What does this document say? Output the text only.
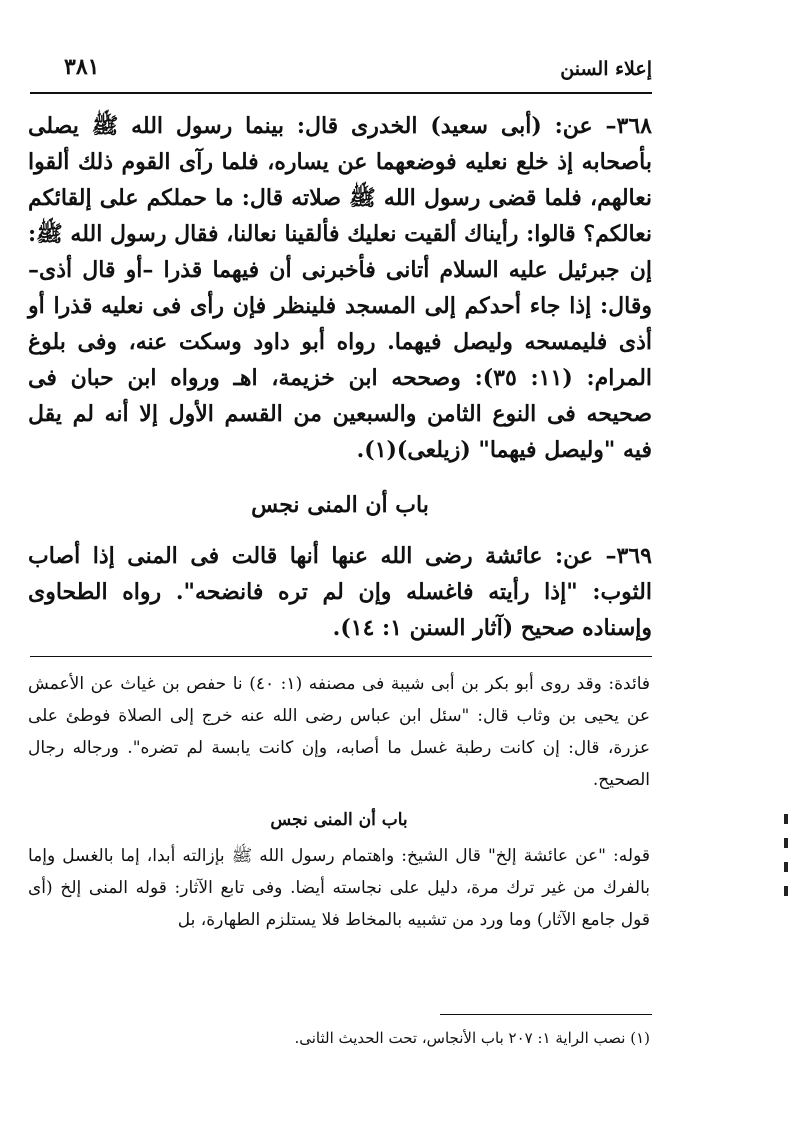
٣٨١	إعلاء السنن

٣٦٨– عن: (أبى سعيد) الخدرى قال: بينما رسول الله ﷺ يصلى بأصحابه إذ خلع نعليه فوضعهما عن يساره، فلما رآى القوم ذلك ألقوا نعالهم، فلما قضى رسول الله ﷺ صلاته قال: ما حملكم على إلقائكم نعالكم؟ قالوا: رأيناك ألقيت نعليك فألقينا نعالنا، فقال رسول الله ﷺ: إن جبرئيل عليه السلام أتانى فأخبرنى أن فيهما قذرا –أو قال أذى– وقال: إذا جاء أحدكم إلى المسجد فلينظر فإن رأى فى نعليه قذرا أو أذى فليمسحه وليصل فيهما. رواه أبو داود وسكت عنه، وفى بلوغ المرام: (١١: ٣٥): وصححه ابن خزيمة، اهـ ورواه ابن حبان فى صحيحه فى النوع الثامن والسبعين من القسم الأول إلا أنه لم يقل فيه "وليصل فيهما" (زيلعى)(١).

باب أن المنى نجس

٣٦٩– عن: عائشة رضى الله عنها أنها قالت فى المنى إذا أصاب الثوب: "إذا رأيته فاغسله وإن لم تره فانضحه". رواه الطحاوى وإسناده صحيح (آثار السنن ١: ١٤).

فائدة: وقد روى أبو بكر بن أبى شيبة فى مصنفه (١: ٤٠) نا حفص بن غياث عن الأعمش عن يحيى بن وثاب قال: "سئل ابن عباس رضى الله عنه خرج إلى الصلاة فوطئ على عزرة، قال: إن كانت رطبة غسل ما أصابه، وإن كانت يابسة لم تضره". ورجاله رجال الصحيح.

باب أن المنى نجس

قوله: "عن عائشة إلخ" قال الشيخ: واهتمام رسول الله ﷺ بإزالته أبدا، إما بالغسل وإما بالفرك من غير ترك مرة، دليل على نجاسته أيضا. وفى تابع الآثار: قوله المنى إلخ (أى قول جامع الآثار) وما ورد من تشبيه بالمخاط فلا يستلزم الطهارة، بل

(١) نصب الراية ١: ٢٠٧ باب الأنجاس، تحت الحديث الثانى.
